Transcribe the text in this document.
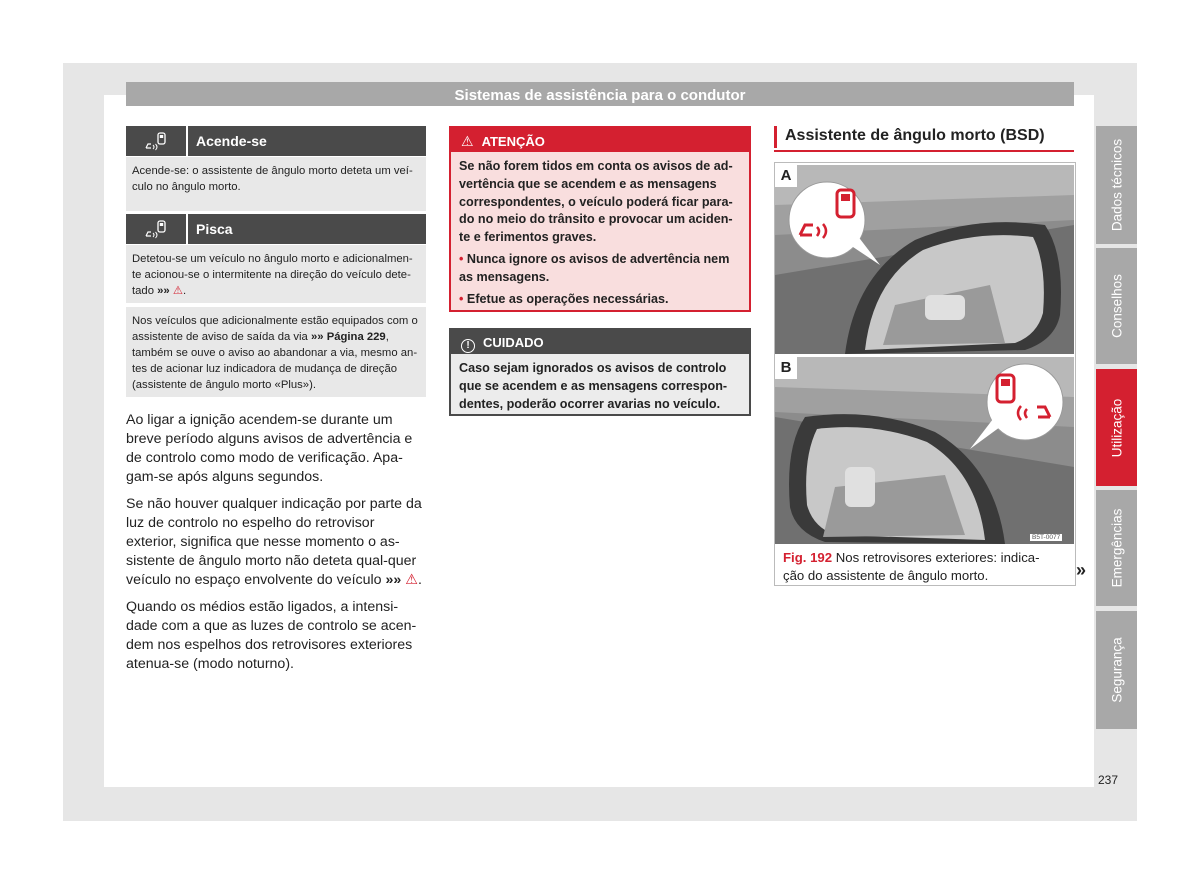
Sistemas de assistência para o condutor
Acende-se
Acende-se: o assistente de ângulo morto deteta um veí-culo no ângulo morto.
Pisca
Detetou-se um veículo no ângulo morto e adicionalmen-te acionou-se o intermitente na direção do veículo dete-tado »» ⚠.
Nos veículos que adicionalmente estão equipados com o assistente de aviso de saída da via »» Página 229, também se ouve o aviso ao abandonar a via, mesmo an-tes de acionar luz indicadora de mudança de direção (assistente de ângulo morto «Plus»).

Ao ligar a ignição acendem-se durante um breve período alguns avisos de advertência e de controlo como modo de verificação. Apa-gam-se após alguns segundos.

Se não houver qualquer indicação por parte da luz de controlo no espelho do retrovisor exterior, significa que nesse momento o as-sistente de ângulo morto não deteta qual-quer veículo no espaço envolvente do veículo »» ⚠.

Quando os médios estão ligados, a intensi-dade com a que as luzes de controlo se acen-dem nos espelhos dos retrovisores exteriores atenua-se (modo noturno).

⚠ ATENÇÃO

Se não forem tidos em conta os avisos de ad-vertência que se acendem e as mensagens correspondentes, o veículo poderá ficar para-do no meio do trânsito e provocar um aciden-te e ferimentos graves.

• Nunca ignore os avisos de advertência nem as mensagens.

• Efetue as operações necessárias.

! CUIDADO
Caso sejam ignorados os avisos de controlo que se acendem e as mensagens correspon-dentes, poderão ocorrer avarias no veículo.
Assistente de ângulo morto (BSD)
A
B
B5T-0077
Fig. 192 Nos retrovisores exteriores: indica-ção do assistente de ângulo morto.	»
Dados técnicos
Conselhos
Utilização
Emergências
Segurança
237
